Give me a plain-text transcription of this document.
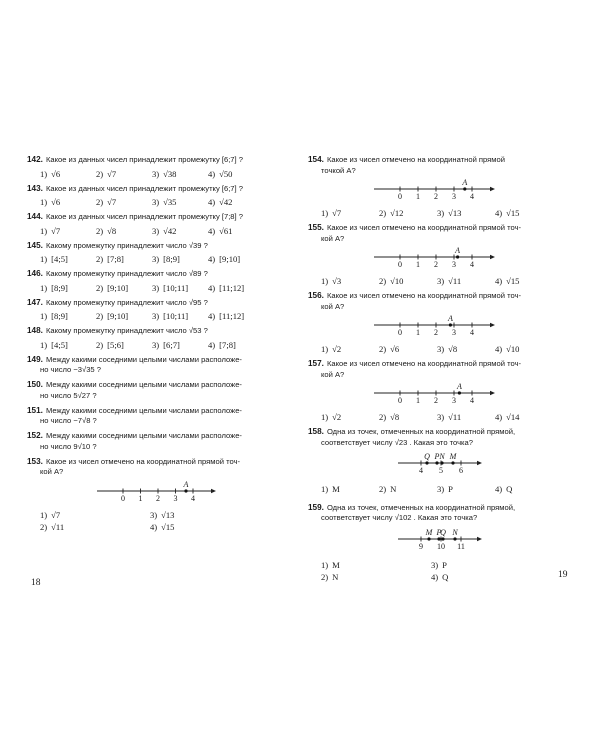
142. Какое из данных чисел принадлежит промежутку [6;7] ?
1) √6	2) √7	3) √38	4) √50
143. Какое из данных чисел принадлежит промежутку [6;7] ?
1) √6	2) √7	3) √35	4) √42
144. Какое из данных чисел принадлежит промежутку [7;8] ?
1) √7	2) √8	3) √42	4) √61
145. Какому промежутку принадлежит число √39 ?
1) [4;5]	2) [7;8]	3) [8;9]	4) [9;10]
146. Какому промежутку принадлежит число √89 ?
1) [8;9]	2) [9;10]	3) [10;11]	4) [11;12]
147. Какому промежутку принадлежит число √95 ?
1) [8;9]	2) [9;10]	3) [10;11]	4) [11;12]
148. Какому промежутку принадлежит число √53 ?
1) [4;5]	2) [5;6]	3) [6;7]	4) [7;8]
149. Между какими соседними целыми числами расположе-
но число −3√35 ?
150. Между какими соседними целыми числами расположе-
но число 5√27 ?
151. Между какими соседними целыми числами расположе-
но число −7√8 ?
152. Между какими соседними целыми числами расположе-
но число 9√10 ?
153. Какое из чисел отмечено на координатной прямой точ-
кой A?
0 1 2 3 4
A
1) √7	3) √13
2) √11	4) √15
154. Какое из чисел отмечено на координатной прямой
точкой A?
0 1 2 3 4
A
1) √7	2) √12	3) √13	4) √15
155. Какое из чисел отмечено на координатной прямой точ-
кой A?
0 1 2 3 4
A
1) √3	2) √10	3) √11	4) √15
156. Какое из чисел отмечено на координатной прямой точ-
кой A?
0 1 2 3 4
A
1) √2	2) √6	3) √8	4) √10
157. Какое из чисел отмечено на координатной прямой точ-
кой A?
0 1 2 3 4
A
1) √2	2) √8	3) √11	4) √14
158. Одна из точек, отмеченных на координатной прямой,
соответствует числу √23 . Какая это точка?
4 5 6
Q P N M
1) M	2) N	3) P	4) Q
159. Одна из точек, отмеченных на координатной прямой,
соответствует числу √102 . Какая это точка?
9 10 11
M P
Q N
1) M	3) P
2) N	4) Q
18
19
